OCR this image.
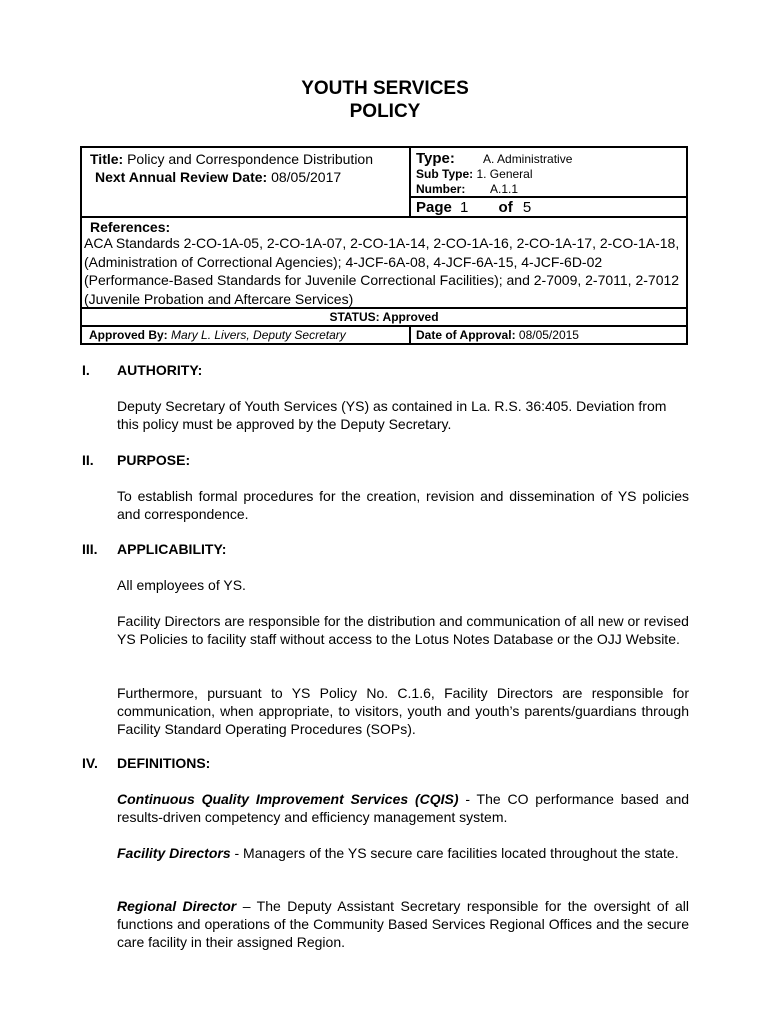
YOUTH SERVICES
POLICY
Title: Policy and Correspondence Distribution
Next Annual Review Date: 08/05/2017
Type: A. Administrative
Sub Type: 1. General
Number: A.1.1
Page 1 of 5
References:
ACA Standards 2-CO-1A-05, 2-CO-1A-07, 2-CO-1A-14, 2-CO-1A-16, 2-CO-1A-17, 2-CO-1A-18, (Administration of Correctional Agencies); 4-JCF-6A-08, 4-JCF-6A-15, 4-JCF-6D-02 (Performance-Based Standards for Juvenile Correctional Facilities); and 2-7009, 2-7011, 2-7012 (Juvenile Probation and Aftercare Services)
STATUS: Approved
Approved By: Mary L. Livers, Deputy Secretary	Date of Approval: 08/05/2015
I. AUTHORITY:
Deputy Secretary of Youth Services (YS) as contained in La. R.S. 36:405. Deviation from this policy must be approved by the Deputy Secretary.
II. PURPOSE:
To establish formal procedures for the creation, revision and dissemination of YS policies and correspondence.
III. APPLICABILITY:
All employees of YS.
Facility Directors are responsible for the distribution and communication of all new or revised YS Policies to facility staff without access to the Lotus Notes Database or the OJJ Website.
Furthermore, pursuant to YS Policy No. C.1.6, Facility Directors are responsible for communication, when appropriate, to visitors, youth and youth’s parents/guardians through Facility Standard Operating Procedures (SOPs).
IV. DEFINITIONS:
Continuous Quality Improvement Services (CQIS) - The CO performance based and results-driven competency and efficiency management system.
Facility Directors - Managers of the YS secure care facilities located throughout the state.
Regional Director – The Deputy Assistant Secretary responsible for the oversight of all functions and operations of the Community Based Services Regional Offices and the secure care facility in their assigned Region.
